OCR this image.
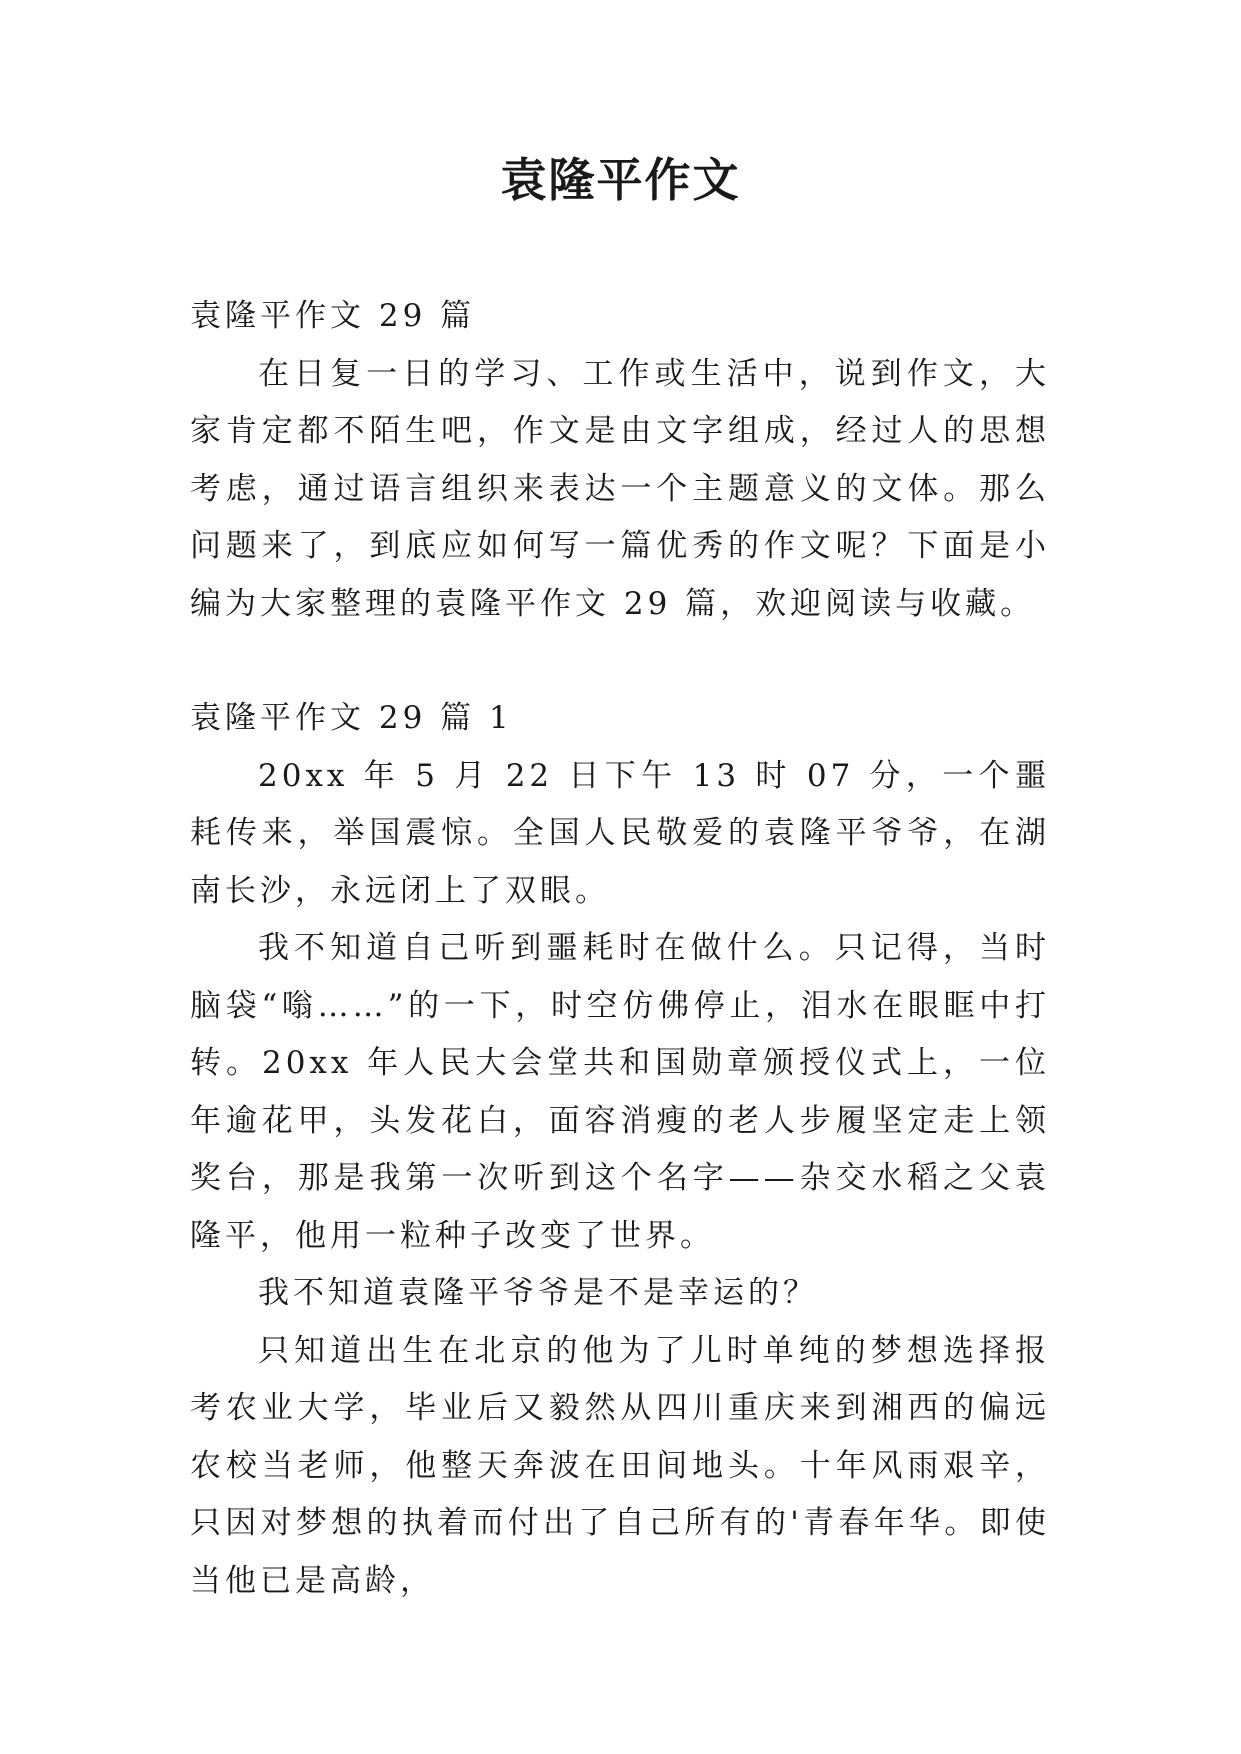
袁隆平作文

袁隆平作文 29 篇

在日复一日的学习、工作或生活中，说到作文，大家肯定都不陌生吧，作文是由文字组成，经过人的思想考虑，通过语言组织来表达一个主题意义的文体。那么问题来了，到底应如何写一篇优秀的作文呢？下面是小编为大家整理的袁隆平作文 29 篇，欢迎阅读与收藏。

袁隆平作文 29 篇 1

20xx 年 5 月 22 日下午 13 时 07 分，一个噩耗传来，举国震惊。全国人民敬爱的袁隆平爷爷，在湖南长沙，永远闭上了双眼。

我不知道自己听到噩耗时在做什么。只记得，当时脑袋“嗡……”的一下，时空仿佛停止，泪水在眼眶中打转。20xx 年人民大会堂共和国勋章颁授仪式上，一位年逾花甲，头发花白，面容消瘦的老人步履坚定走上领奖台，那是我第一次听到这个名字——杂交水稻之父袁隆平，他用一粒种子改变了世界。

我不知道袁隆平爷爷是不是幸运的？

只知道出生在北京的他为了儿时单纯的梦想选择报考农业大学，毕业后又毅然从四川重庆来到湘西的偏远农校当老师，他整天奔波在田间地头。十年风雨艰辛，只因对梦想的执着而付出了自己所有的'青春年华。即使当他已是高龄，
